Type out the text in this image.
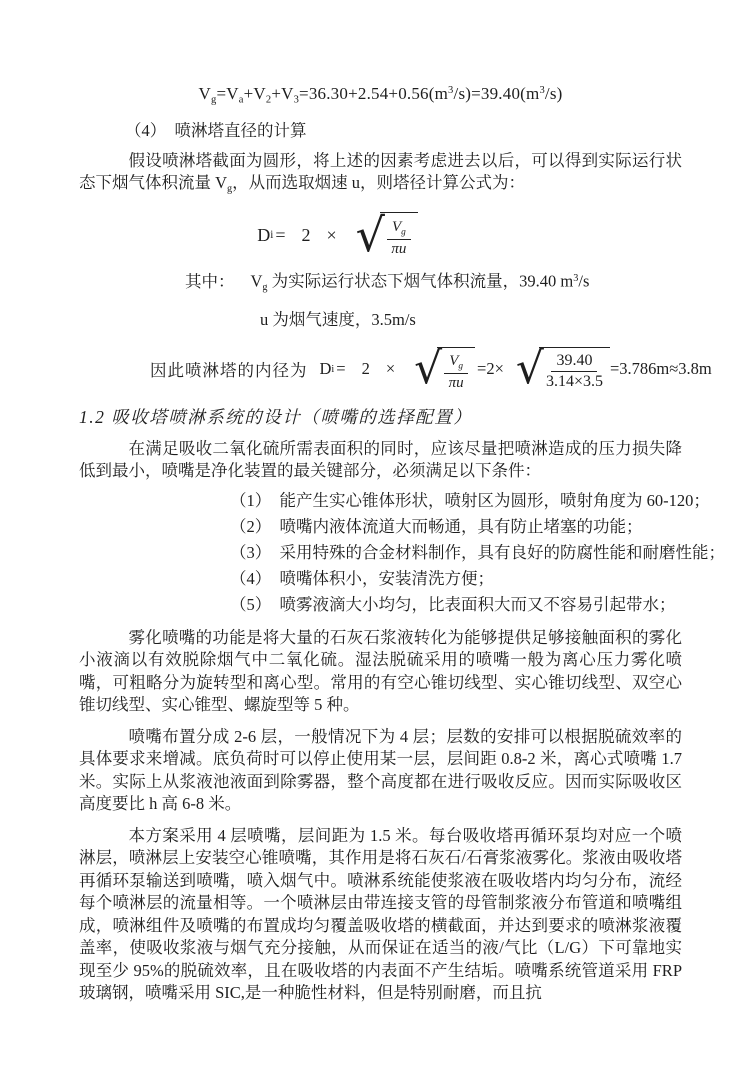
$V_g=V_a+V_2+V_3=36.30+2.54+0.56(m^3/s)=39.40(m^3/s)$
（4）　喷淋塔直径的计算
假设喷淋塔截面为圆形，将上述的因素考虑进去以后，可以得到实际运行状态下烟气体积流量 $V_g$，从而选取烟速 u，则塔径计算公式为：
D i = 2 × √ $\frac{V_g}{\pi u}$
其中： $V_g$ 为实际运行状态下烟气体积流量，39.40 $m^3/s$
u 为烟气速度，3.5m/s
因此喷淋塔的内径为 D i = 2 × √ $\frac{V_g}{\pi u} =2\times$ √ $\frac{39.40}{3.14\times 3.5} =3.786m\approx 3.8m$
1.2 吸收塔喷淋系统的设计（喷嘴的选择配置）
在满足吸收二氧化硫所需表面积的同时，应该尽量把喷淋造成的压力损失降低到最小，喷嘴是净化装置的最关键部分，必须满足以下条件：
（1）　能产生实心锥体形状，喷射区为圆形，喷射角度为 60-120；
（2）　喷嘴内液体流道大而畅通，具有防止堵塞的功能；
（3）　采用特殊的合金材料制作，具有良好的防腐性能和耐磨性能；
（4）　喷嘴体积小，安装清洗方便；
（5）　喷雾液滴大小均匀，比表面积大而又不容易引起带水；
雾化喷嘴的功能是将大量的石灰石浆液转化为能够提供足够接触面积的雾化小液滴以有效脱除烟气中二氧化硫。湿法脱硫采用的喷嘴一般为离心压力雾化喷嘴，可粗略分为旋转型和离心型。常用的有空心锥切线型、实心锥切线型、双空心锥切线型、实心锥型、螺旋型等 5 种。
喷嘴布置分成 2-6 层，一般情况下为 4 层；层数的安排可以根据脱硫效率的具体要求来增减。底负荷时可以停止使用某一层，层间距 0.8-2 米，离心式喷嘴 1.7 米。实际上从浆液池液面到除雾器，整个高度都在进行吸收反应。因而实际吸收区高度要比 h 高 6-8 米。
本方案采用 4 层喷嘴，层间距为 1.5 米。每台吸收塔再循环泵均对应一个喷淋层，喷淋层上安装空心锥喷嘴，其作用是将石灰石/石膏浆液雾化。浆液由吸收塔再循环泵输送到喷嘴，喷入烟气中。喷淋系统能使浆液在吸收塔内均匀分布，流经每个喷淋层的流量相等。一个喷淋层由带连接支管的母管制浆液分布管道和喷嘴组成，喷淋组件及喷嘴的布置成均匀覆盖吸收塔的横截面，并达到要求的喷淋浆液覆盖率，使吸收浆液与烟气充分接触，从而保证在适当的液/气比（L/G）下可靠地实现至少 95%的脱硫效率，且在吸收塔的内表面不产生结垢。喷嘴系统管道采用 FRP 玻璃钢，喷嘴采用 SIC,是一种脆性材料，但是特别耐磨，而且抗
